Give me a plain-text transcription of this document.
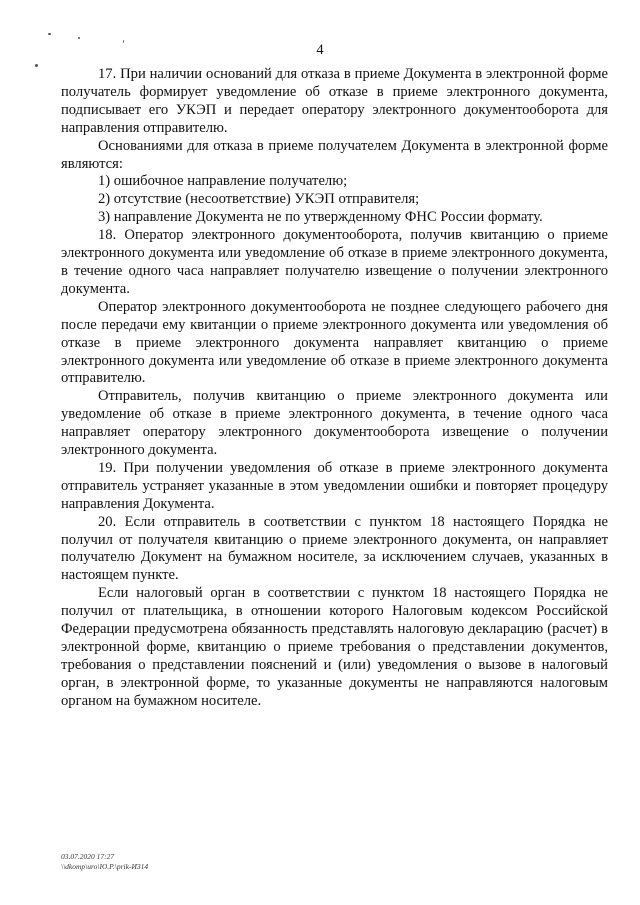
4

17. При наличии оснований для отказа в приеме Документа в электронной форме получатель формирует уведомление об отказе в приеме электронного документа, подписывает его УКЭП и передает оператору электронного документооборота для направления отправителю.

Основаниями для отказа в приеме получателем Документа в электронной форме являются:

1) ошибочное направление получателю;

2) отсутствие (несоответствие) УКЭП отправителя;

3) направление Документа не по утвержденному ФНС России формату.

18. Оператор электронного документооборота, получив квитанцию о приеме электронного документа или уведомление об отказе в приеме электронного документа, в течение одного часа направляет получателю извещение о получении электронного документа.

Оператор электронного документооборота не позднее следующего рабочего дня после передачи ему квитанции о приеме электронного документа или уведомления об отказе в приеме электронного документа направляет квитанцию о приеме электронного документа или уведомление об отказе в приеме электронного документа отправителю.

Отправитель, получив квитанцию о приеме электронного документа или уведомление об отказе в приеме электронного документа, в течение одного часа направляет оператору электронного документооборота извещение о получении электронного документа.

19. При получении уведомления об отказе в приеме электронного документа отправитель устраняет указанные в этом уведомлении ошибки и повторяет процедуру направления Документа.

20. Если отправитель в соответствии с пунктом 18 настоящего Порядка не получил от получателя квитанцию о приеме электронного документа, он направляет получателю Документ на бумажном носителе, за исключением случаев, указанных в настоящем пункте.

Если налоговый орган в соответствии с пунктом 18 настоящего Порядка не получил от плательщика, в отношении которого Налоговым кодексом Российской Федерации предусмотрена обязанность представлять налоговую декларацию (расчет) в электронной форме, квитанцию о приеме требования о представлении документов, требования о представлении пояснений и (или) уведомления о вызове в налоговый орган, в электронной форме, то указанные документы не направляются налоговым органом на бумажном носителе.

03.07.2020 17:27
\\dkomp\uro\Ю.Р.\prik-И314
